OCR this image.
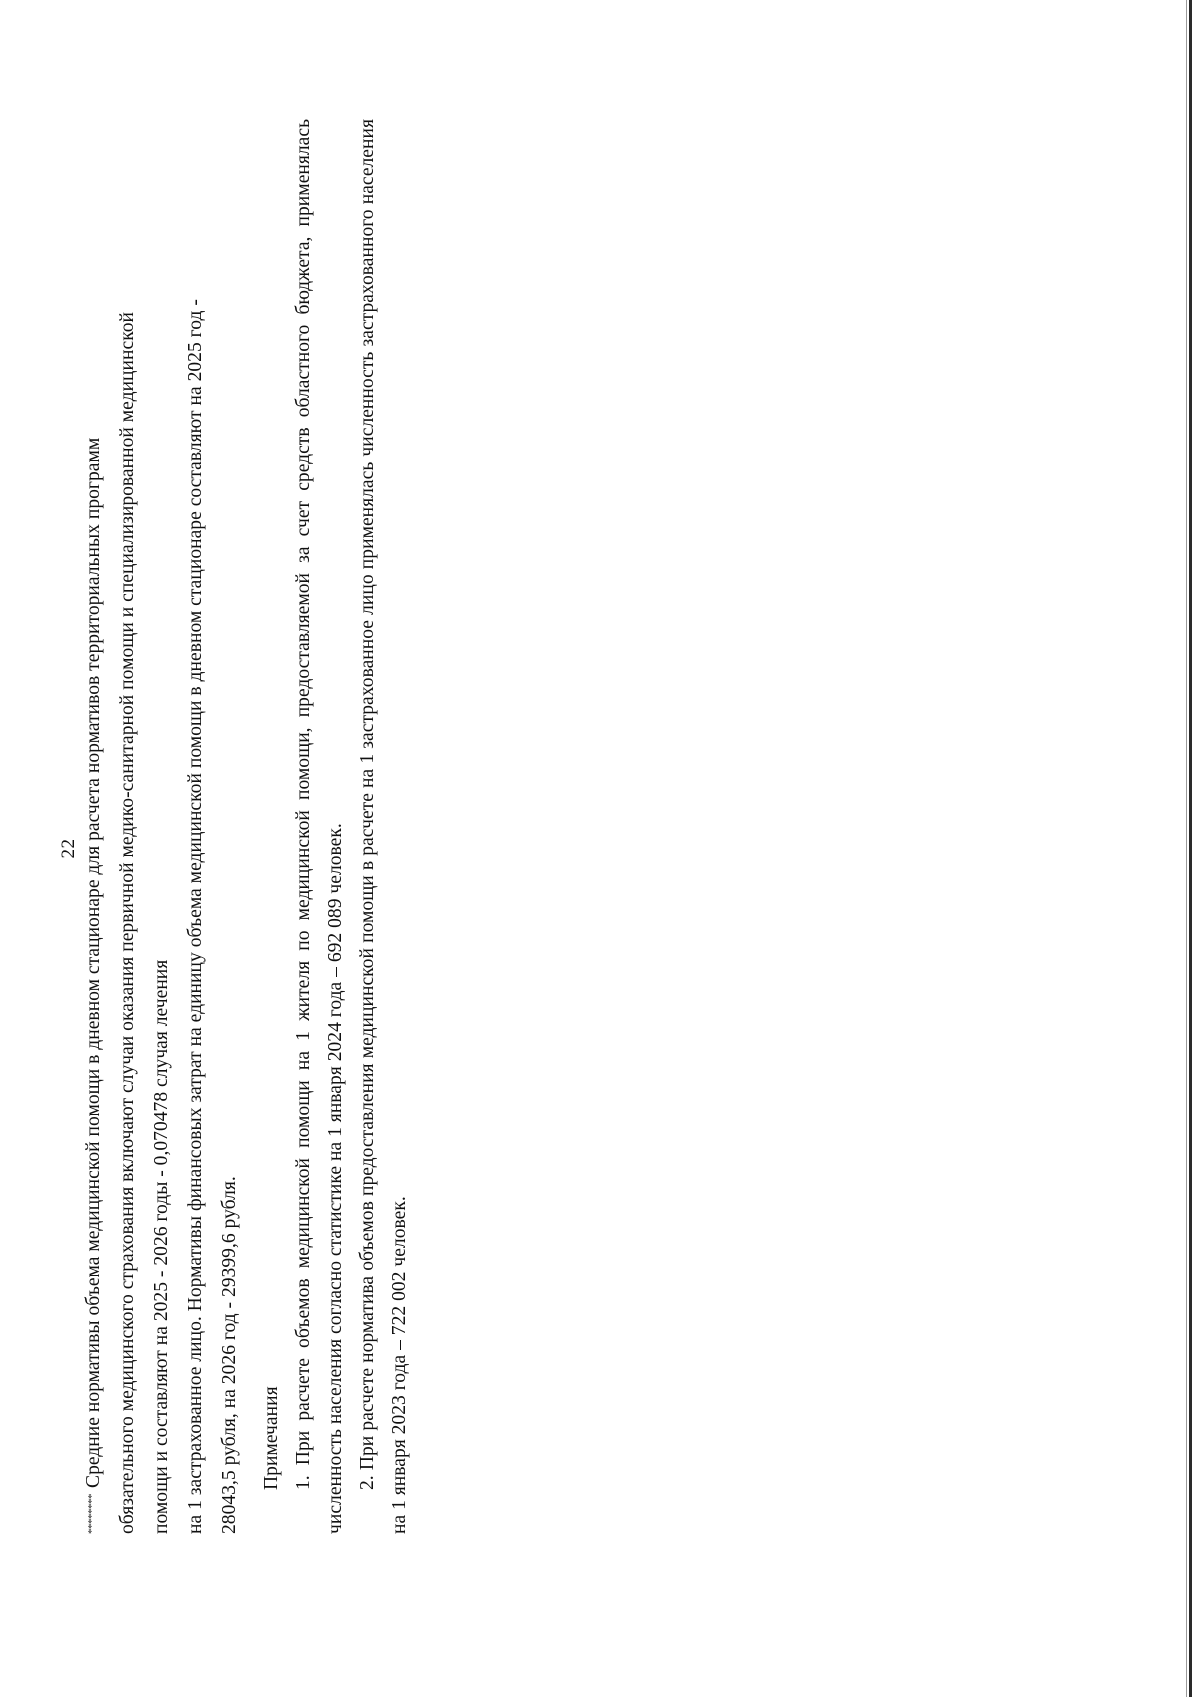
22

********Средние нормативы объема медицинской помощи в дневном стационаре для расчета нормативов территориальных программ обязательного медицинского страхования включают случаи оказания первичной медико-санитарной помощи и специализированной медицинской помощи и составляют на 2025 - 2026 годы - 0,070478 случая лечения на 1 застрахованное лицо. Нормативы финансовых затрат на единицу объема медицинской помощи в дневном стационаре составляют на 2025 год - 28043,5 рубля, на 2026 год - 29399,6 рубля.	Примечания 1. При расчете объемов медицинской помощи на 1 жителя по медицинской помощи, предоставляемой за счет средств областного бюджета, применялась численность населения согласно статистике на 1 января 2024 года – 692 089 человек. 2. При расчете норматива объемов предоставления медицинской помощи в расчете на 1 застрахованное лицо применялась численность застрахованного населения на 1 января 2023 года – 722 002 человек.
